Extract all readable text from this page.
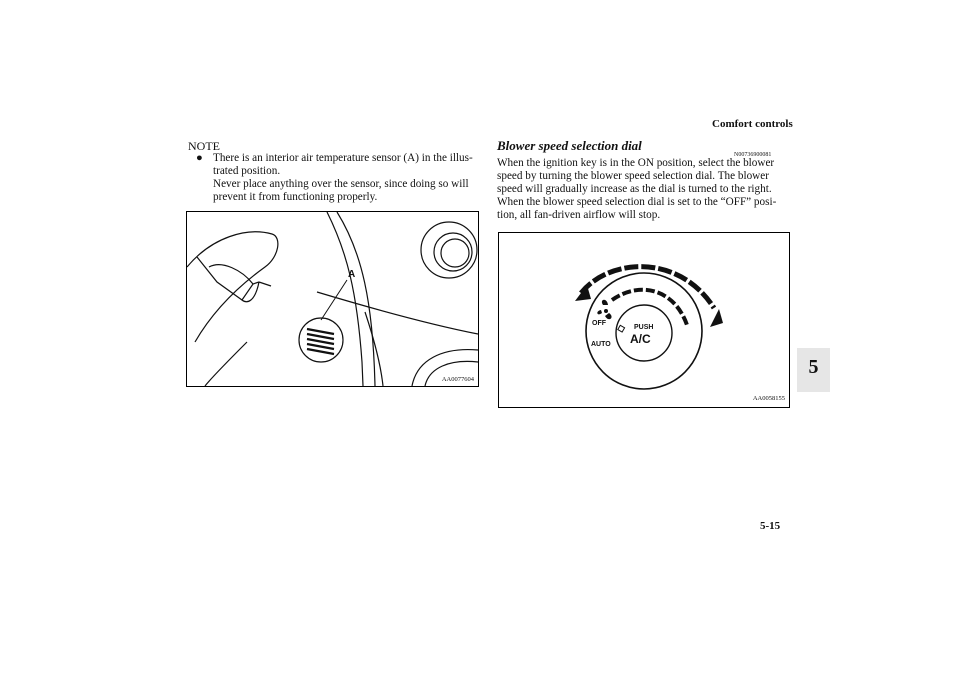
Comfort controls
NOTE
● There is an interior air temperature sensor (A) in the illus-
trated position.
Never place anything over the sensor, since doing so will
prevent it from functioning properly.
A
AA0077604
Blower speed selection dial
N00736900081
When the ignition key is in the ON position, select the blower
speed by turning the blower speed selection dial. The blower
speed will gradually increase as the dial is turned to the right.
When the blower speed selection dial is set to the “OFF” posi-
tion, all fan-driven airflow will stop.
OFF
AUTO
PUSH
A/C
AA0058155
5
5-15
